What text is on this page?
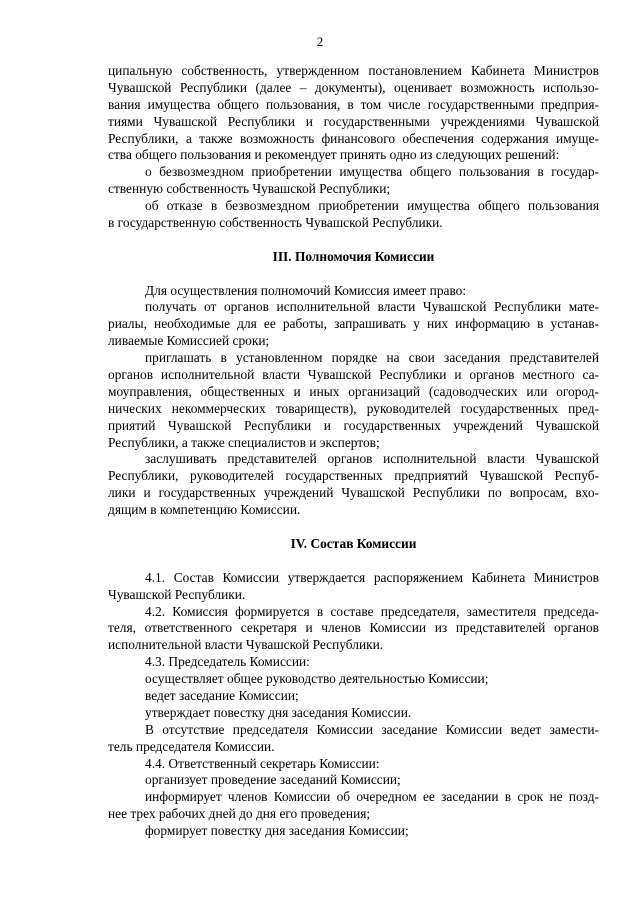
2
ципальную собственность, утвержденном постановлением Кабинета Министров
Чувашской Республики (далее – документы), оценивает возможность использо-
вания имущества общего пользования, в том числе государственными предприя-
тиями Чувашской Республики и государственными учреждениями Чувашской
Республики, а также возможность финансового обеспечения содержания имуще-
ства общего пользования и рекомендует принять одно из следующих решений:
о безвозмездном приобретении имущества общего пользования в государ-
ственную собственность Чувашской Республики;
об отказе в безвозмездном приобретении имущества общего пользования
в государственную собственность Чувашской Республики.
III. Полномочия Комиссии
Для осуществления полномочий Комиссия имеет право:
получать от органов исполнительной власти Чувашской Республики мате-
риалы, необходимые для ее работы, запрашивать у них информацию в устанав-
ливаемые Комиссией сроки;
приглашать в установленном порядке на свои заседания представителей
органов исполнительной власти Чувашской Республики и органов местного са-
моуправления, общественных и иных организаций (садоводческих или огород-
нических некоммерческих товариществ), руководителей государственных пред-
приятий Чувашской Республики и государственных учреждений Чувашской
Республики, а также специалистов и экспертов;
заслушивать представителей органов исполнительной власти Чувашской
Республики, руководителей государственных предприятий Чувашской Респуб-
лики и государственных учреждений Чувашской Республики по вопросам, вхо-
дящим в компетенцию Комиссии.
IV. Состав Комиссии
4.1. Состав Комиссии утверждается распоряжением Кабинета Министров
Чувашской Республики.
4.2. Комиссия формируется в составе председателя, заместителя председа-
теля, ответственного секретаря и членов Комиссии из представителей органов
исполнительной власти Чувашской Республики.
4.3. Председатель Комиссии:
осуществляет общее руководство деятельностью Комиссии;
ведет заседание Комиссии;
утверждает повестку дня заседания Комиссии.
В отсутствие председателя Комиссии заседание Комиссии ведет замести-
тель председателя Комиссии.
4.4. Ответственный секретарь Комиссии:
организует проведение заседаний Комиссии;
информирует членов Комиссии об очередном ее заседании в срок не позд-
нее трех рабочих дней до дня его проведения;
формирует повестку дня заседания Комиссии;
